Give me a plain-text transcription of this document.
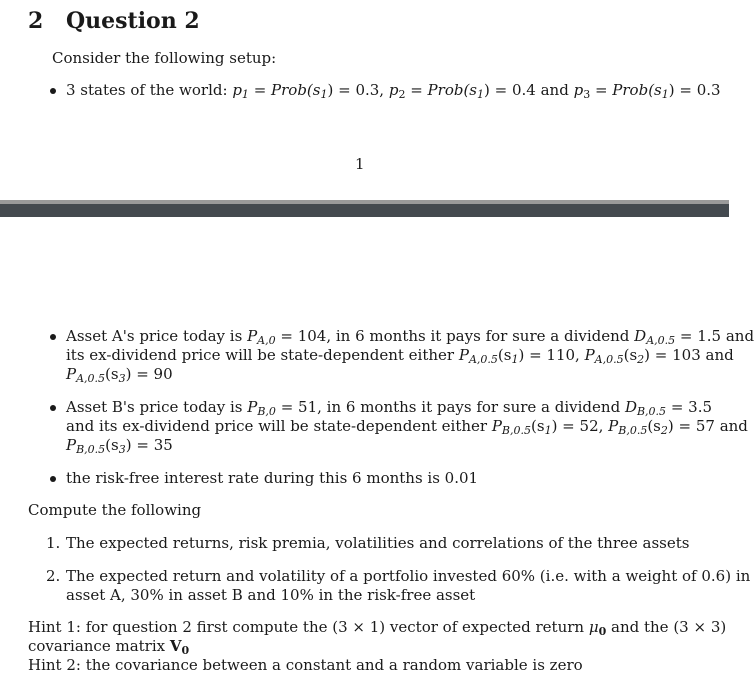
2 Question 2
Consider the following setup:
3 states of the world: $p_1$ = $Prob(s_1) = 0.3$, $p_2$ = $Prob(s_1) = 0.4$ and $p_3$ = $Prob(s_1) = 0.3$
1
Asset A's price today is $P_{A,0} = 104$, in 6 months it pays for sure a dividend $D_{A,0.5} = 1.5$ and
its ex-dividend price will be state-dependent either $P_{A,0.5}(s_1) = 110$, $P_{A,0.5}(s_2) = 103$ and
$P_{A,0.5}(s_3) = 90$
Asset B's price today is $P_{B,0} = 51$, in 6 months it pays for sure a dividend $D_{B,0.5} = 3.5$
and its ex-dividend price will be state-dependent either $P_{B,0.5}(s_1) = 52$, $P_{B,0.5}(s_2) = 57$ and
$P_{B,0.5}(s_3) = 35$
the risk-free interest rate during this 6 months is 0.01
Compute the following
1. The expected returns, risk premia, volatilities and correlations of the three assets
2. The expected return and volatility of a portfolio invested 60% (i.e. with a weight of 0.6) in
asset A, 30% in asset B and 10% in the risk-free asset
Hint 1: for question 2 first compute the (3 × 1) vector of expected return $\mu_0$ and the (3 × 3)
covariance matrix $V_0$
Hint 2: the covariance between a constant and a random variable is zero
